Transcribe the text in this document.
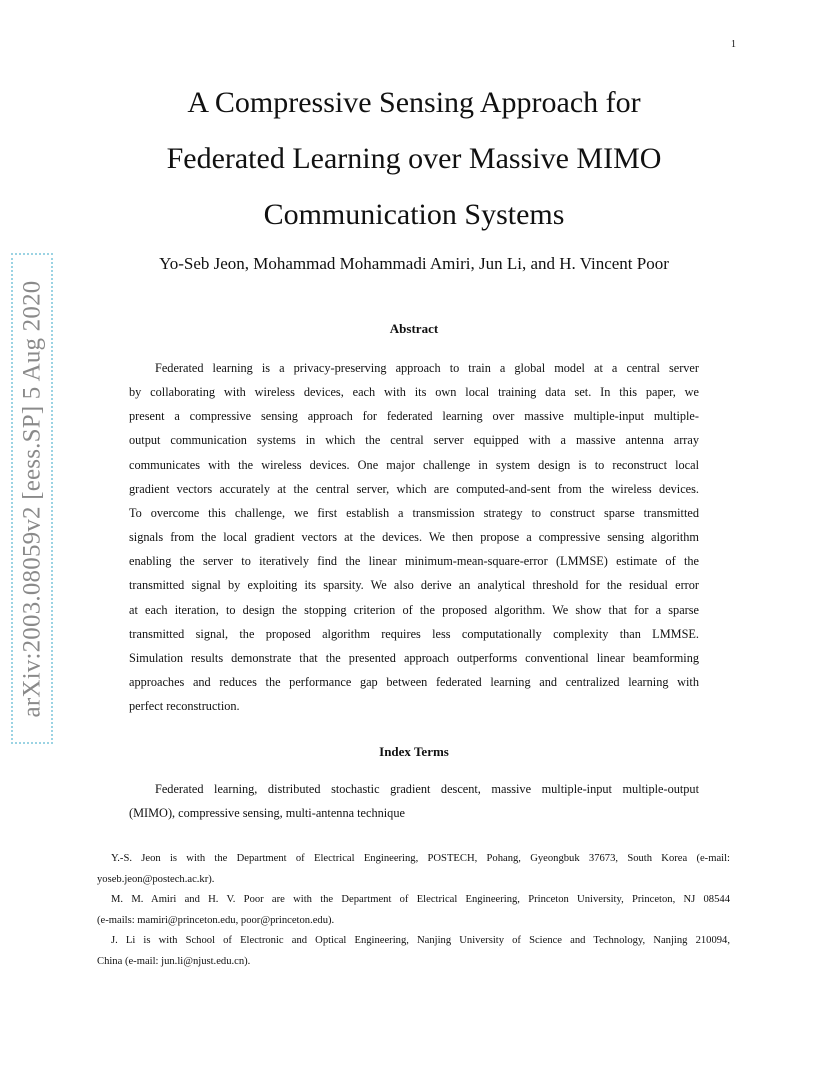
1
arXiv:2003.08059v2 [eess.SP] 5 Aug 2020
A Compressive Sensing Approach for
Federated Learning over Massive MIMO
Communication Systems
Yo-Seb Jeon, Mohammad Mohammadi Amiri, Jun Li, and H. Vincent Poor
Abstract
Federated learning is a privacy-preserving approach to train a global model at a central server
by collaborating with wireless devices, each with its own local training data set. In this paper, we
present a compressive sensing approach for federated learning over massive multiple-input multiple-
output communication systems in which the central server equipped with a massive antenna array
communicates with the wireless devices. One major challenge in system design is to reconstruct local
gradient vectors accurately at the central server, which are computed-and-sent from the wireless devices.
To overcome this challenge, we first establish a transmission strategy to construct sparse transmitted
signals from the local gradient vectors at the devices. We then propose a compressive sensing algorithm
enabling the server to iteratively find the linear minimum-mean-square-error (LMMSE) estimate of the
transmitted signal by exploiting its sparsity. We also derive an analytical threshold for the residual error
at each iteration, to design the stopping criterion of the proposed algorithm. We show that for a sparse
transmitted signal, the proposed algorithm requires less computationally complexity than LMMSE.
Simulation results demonstrate that the presented approach outperforms conventional linear beamforming
approaches and reduces the performance gap between federated learning and centralized learning with
perfect reconstruction.
Index Terms
Federated learning, distributed stochastic gradient descent, massive multiple-input multiple-output
(MIMO), compressive sensing, multi-antenna technique
Y.-S. Jeon is with the Department of Electrical Engineering, POSTECH, Pohang, Gyeongbuk 37673, South Korea (e-mail:
yoseb.jeon@postech.ac.kr).
M. M. Amiri and H. V. Poor are with the Department of Electrical Engineering, Princeton University, Princeton, NJ 08544
(e-mails: mamiri@princeton.edu, poor@princeton.edu).
J. Li is with School of Electronic and Optical Engineering, Nanjing University of Science and Technology, Nanjing 210094,
China (e-mail: jun.li@njust.edu.cn).
